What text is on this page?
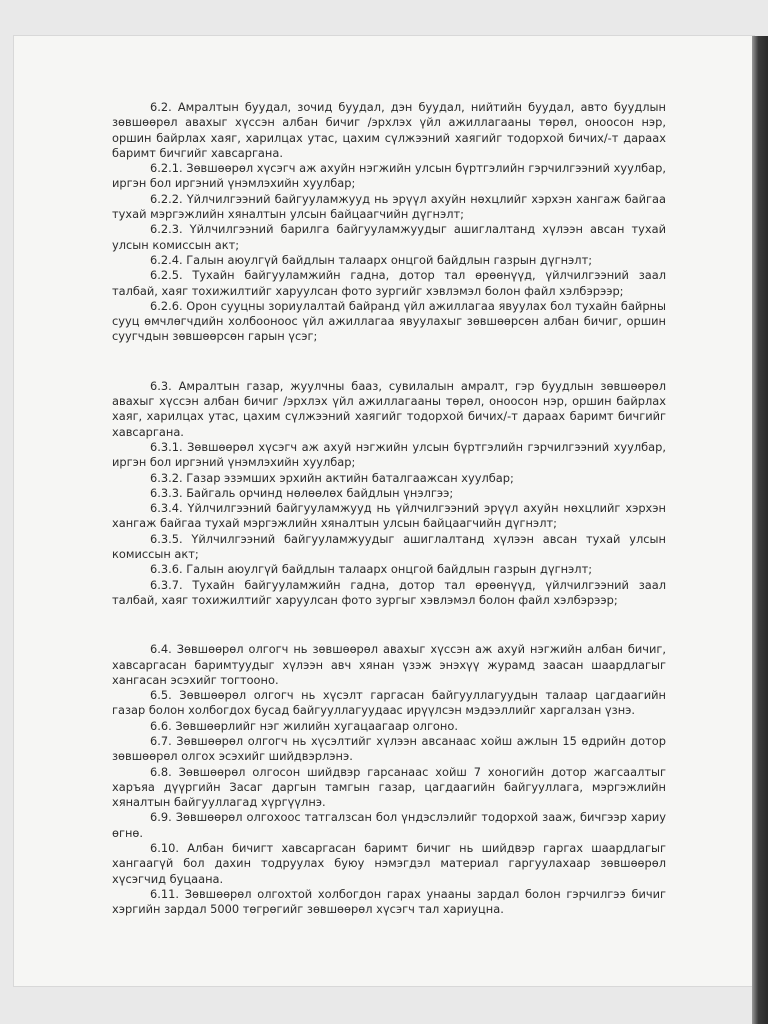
6.2. Амралтын буудал, зочид буудал, дэн буудал, нийтийн буудал, авто буудлын зөвшөөрөл авахыг хүссэн албан бичиг /эрхлэх үйл ажиллагааны төрөл, оноосон нэр, оршин байрлах хаяг, харилцах утас, цахим сүлжээний хаягийг тодорхой бичих/-т дараах баримт бичгийг хавсаргана.

6.2.1. Зөвшөөрөл хүсэгч аж ахуйн нэгжийн улсын бүртгэлийн гэрчилгээний хуулбар, иргэн бол иргэний үнэмлэхийн хуулбар;

6.2.2. Үйлчилгээний байгууламжууд нь эрүүл ахуйн нөхцлийг хэрхэн хангаж байгаа тухай мэргэжлийн хяналтын улсын байцаагчийн дүгнэлт;

6.2.3. Үйлчилгээний барилга байгууламжуудыг ашиглалтанд хүлээн авсан тухай улсын комиссын акт;

6.2.4. Галын аюулгүй байдлын талаарх онцгой байдлын газрын дүгнэлт;

6.2.5. Тухайн байгууламжийн гадна, дотор тал өрөөнүүд, үйлчилгээний заал талбай, хаяг тохижилтийг харуулсан фото зургийг хэвлэмэл болон файл хэлбэрээр;

6.2.6. Орон сууцны зориулалтай байранд үйл ажиллагаа явуулах бол тухайн байрны сууц өмчлөгчдийн холбооноос үйл ажиллагаа явуулахыг зөвшөөрсөн албан бичиг, оршин суугчдын зөвшөөрсөн гарын үсэг;

6.3. Амралтын газар, жуулчны бааз, сувилалын амралт, гэр буудлын зөвшөөрөл авахыг хүссэн албан бичиг /эрхлэх үйл ажиллагааны төрөл, оноосон нэр, оршин байрлах хаяг, харилцах утас, цахим сүлжээний хаягийг тодорхой бичих/-т дараах баримт бичгийг хавсаргана.

6.3.1. Зөвшөөрөл хүсэгч аж ахуй нэгжийн улсын бүртгэлийн гэрчилгээний хуулбар, иргэн бол иргэний үнэмлэхийн хуулбар;

6.3.2. Газар эзэмших эрхийн актийн баталгаажсан хуулбар;

6.3.3. Байгаль орчинд нөлөөлөх байдлын үнэлгээ;

6.3.4. Үйлчилгээний байгууламжууд нь үйлчилгээний эрүүл ахуйн нөхцлийг хэрхэн хангаж байгаа тухай мэргэжлийн хяналтын улсын байцаагчийн дүгнэлт;

6.3.5. Үйлчилгээний байгууламжуудыг ашиглалтанд хүлээн авсан тухай улсын комиссын акт;

6.3.6. Галын аюулгүй байдлын талаарх онцгой байдлын газрын дүгнэлт;

6.3.7. Тухайн байгууламжийн гадна, дотор тал өрөөнүүд, үйлчилгээний заал талбай, хаяг тохижилтийг харуулсан фото зургыг хэвлэмэл болон файл хэлбэрээр;

6.4. Зөвшөөрөл олгогч нь зөвшөөрөл авахыг хүссэн аж ахуй нэгжийн албан бичиг, хавсаргасан баримтуудыг хүлээн авч хянан үзэж энэхүү журамд заасан шаардлагыг хангасан эсэхийг тогтооно.

6.5. Зөвшөөрөл олгогч нь хүсэлт гаргасан байгууллагуудын талаар цагдаагийн газар болон холбогдох бусад байгууллагуудаас ирүүлсэн мэдээллийг харгалзан үзнэ.

6.6. Зөвшөөрлийг нэг жилийн хугацаагаар олгоно.

6.7. Зөвшөөрөл олгогч нь хүсэлтийг хүлээн авсанаас хойш ажлын 15 өдрийн дотор зөвшөөрөл олгох эсэхийг шийдвэрлэнэ.

6.8. Зөвшөөрөл олгосон шийдвэр гарсанаас хойш 7 хоногийн дотор жагсаалтыг харъяа дүүргийн Засаг даргын тамгын газар, цагдаагийн байгууллага, мэргэжлийн хяналтын байгууллагад хүргүүлнэ.

6.9. Зөвшөөрөл олгохоос татгалзсан бол үндэслэлийг тодорхой зааж, бичгээр хариу өгнө.

6.10. Албан бичигт хавсаргасан баримт бичиг нь шийдвэр гаргах шаардлагыг хангаагүй бол дахин тодруулах буюу нэмэгдэл материал гаргуулахаар зөвшөөрөл хүсэгчид буцаана.

6.11. Зөвшөөрөл олгохтой холбогдон гарах унааны зардал болон гэрчилгээ бичиг хэргийн зардал 5000 төгрөгийг зөвшөөрөл хүсэгч тал хариуцна.
